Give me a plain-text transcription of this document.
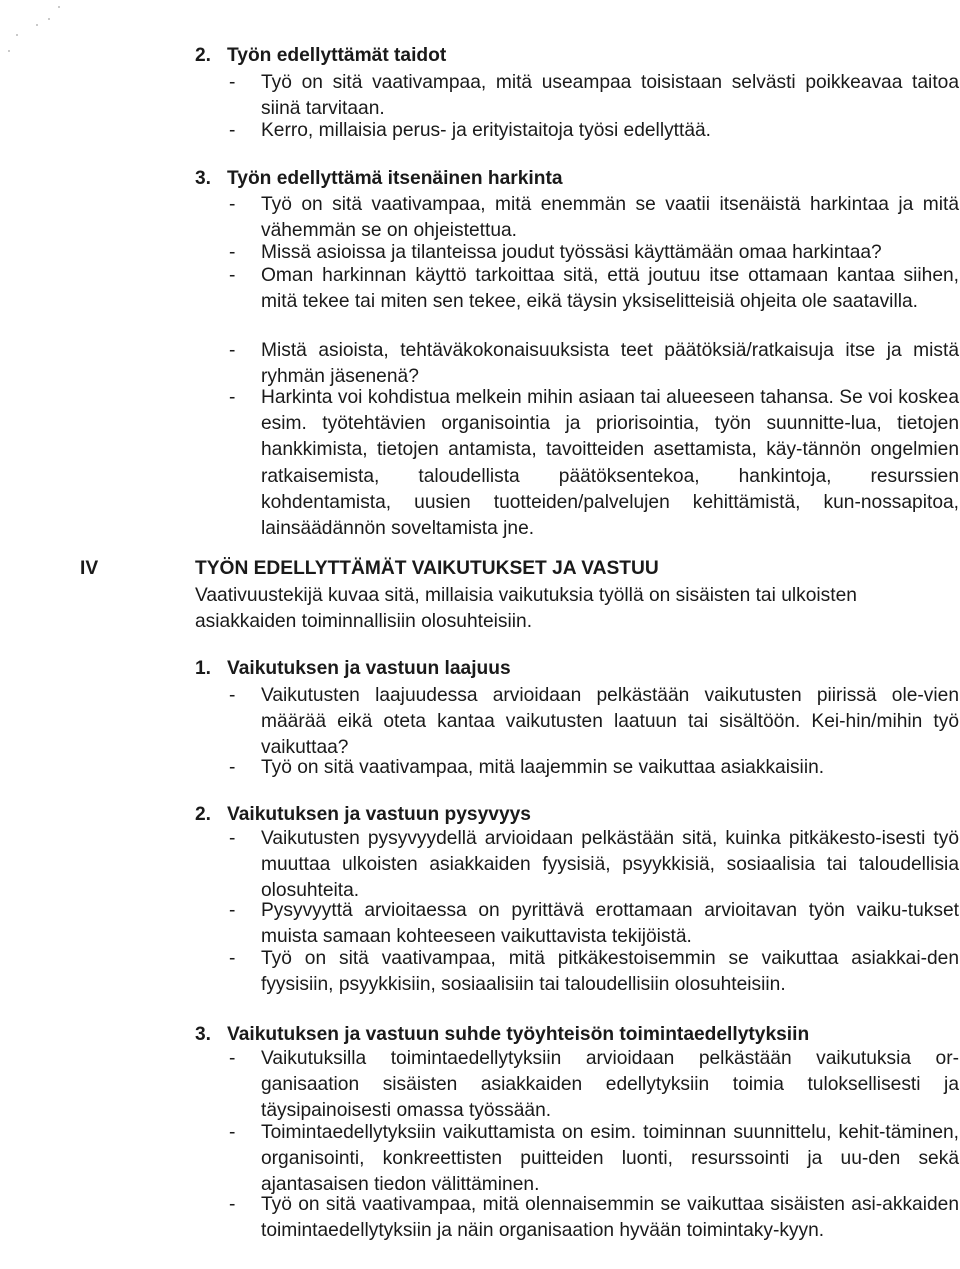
2. Työn edellyttämät taidot
- Työ on sitä vaativampaa, mitä useampaa toisistaan selvästi poikkeavaa taitoa siinä tarvitaan.
- Kerro, millaisia perus- ja erityistaitoja työsi edellyttää.
3. Työn edellyttämä itsenäinen harkinta
- Työ on sitä vaativampaa, mitä enemmän se vaatii itsenäistä harkintaa ja mitä vähemmän se on ohjeistettua.
- Missä asioissa ja tilanteissa joudut työssäsi käyttämään omaa harkintaa?
- Oman harkinnan käyttö tarkoittaa sitä, että joutuu itse ottamaan kantaa siihen, mitä tekee tai miten sen tekee, eikä täysin yksiselitteisiä ohjeita ole saatavilla.
- Mistä asioista, tehtäväkokonaisuuksista teet päätöksiä/ratkaisuja itse ja mistä ryhmän jäsenenä?
- Harkinta voi kohdistua melkein mihin asiaan tai alueeseen tahansa. Se voi koskea esim. työtehtävien organisointia ja priorisointia, työn suunnitte-lua, tietojen hankkimista, tietojen antamista, tavoitteiden asettamista, käy-tännön ongelmien ratkaisemista, taloudellista päätöksentekoa, hankintoja, resurssien kohdentamista, uusien tuotteiden/palvelujen kehittämistä, kun-nossapitoa, lainsäädännön soveltamista jne.
IV	TYÖN EDELLYTTÄMÄT VAIKUTUKSET JA VASTUU
Vaativuustekijä kuvaa sitä, millaisia vaikutuksia työllä on sisäisten tai ulkoisten asiakkaiden toiminnallisiin olosuhteisiin.
1. Vaikutuksen ja vastuun laajuus
- Vaikutusten laajuudessa arvioidaan pelkästään vaikutusten piirissä ole-vien määrää eikä oteta kantaa vaikutusten laatuun tai sisältöön. Kei-hin/mihin työ vaikuttaa?
- Työ on sitä vaativampaa, mitä laajemmin se vaikuttaa asiakkaisiin.
2. Vaikutuksen ja vastuun pysyvyys
- Vaikutusten pysyvyydellä arvioidaan pelkästään sitä, kuinka pitkäkesto-isesti työ muuttaa ulkoisten asiakkaiden fyysisiä, psyykkisiä, sosiaalisia tai taloudellisia olosuhteita.
- Pysyvyyttä arvioitaessa on pyrittävä erottamaan arvioitavan työn vaiku-tukset muista samaan kohteeseen vaikuttavista tekijöistä.
- Työ on sitä vaativampaa, mitä pitkäkestoisemmin se vaikuttaa asiakkai-den fyysisiin, psyykkisiin, sosiaalisiin tai taloudellisiin olosuhteisiin.
3. Vaikutuksen ja vastuun suhde työyhteisön toimintaedellytyksiin
- Vaikutuksilla toimintaedellytyksiin arvioidaan pelkästään vaikutuksia or-ganisaation sisäisten asiakkaiden edellytyksiin toimia tuloksellisesti ja täysipainoisesti omassa työssään.
- Toimintaedellytyksiin vaikuttamista on esim. toiminnan suunnittelu, kehit-täminen, organisointi, konkreettisten puitteiden luonti, resurssointi ja uu-den sekä ajantasaisen tiedon välittäminen.
- Työ on sitä vaativampaa, mitä olennaisemmin se vaikuttaa sisäisten asi-akkaiden toimintaedellytyksiin ja näin organisaation hyvään toimintaky-kyyn.
